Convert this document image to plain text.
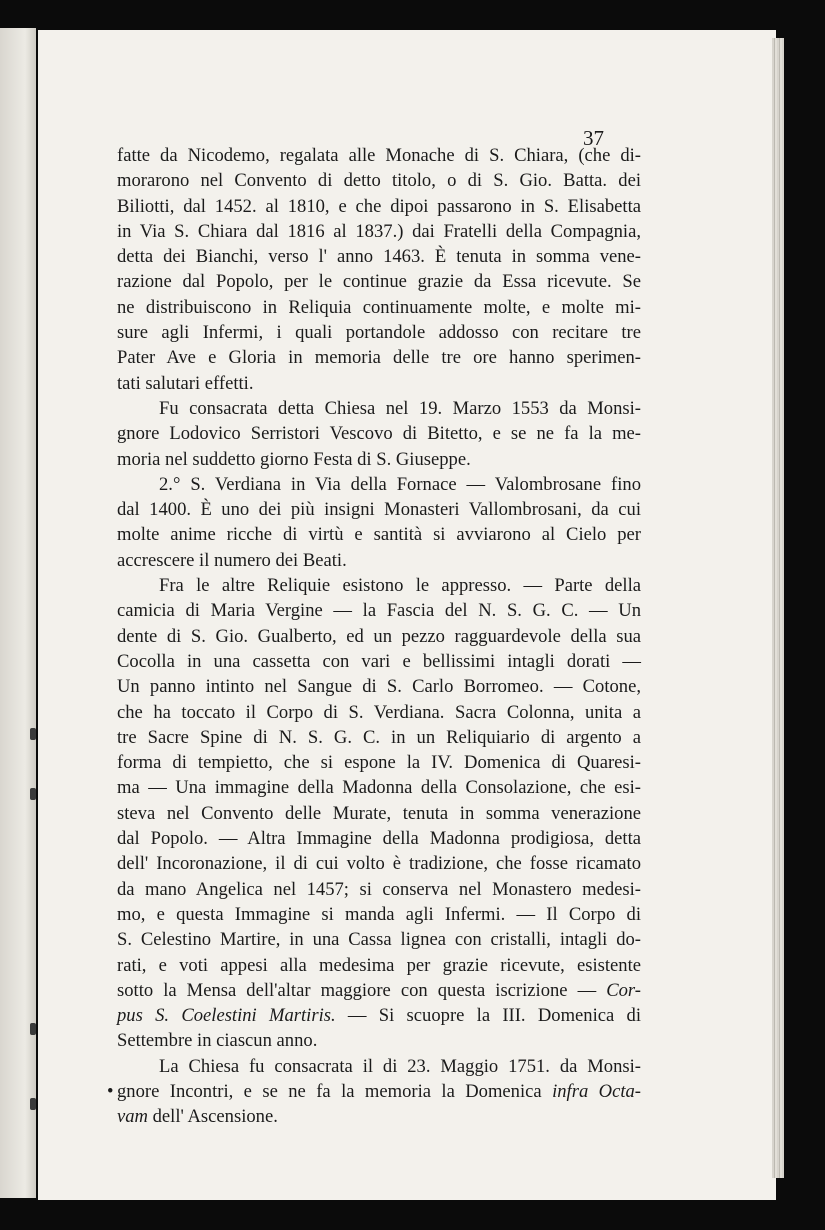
37
fatte da Nicodemo, regalata alle Monache di S. Chiara, (che di-
morarono nel Convento di detto titolo, o di S. Gio. Batta. dei
Biliotti, dal 1452. al 1810, e che dipoi passarono in S. Elisabetta
in Via S. Chiara dal 1816 al 1837.) dai Fratelli della Compagnia,
detta dei Bianchi, verso l' anno 1463. È tenuta in somma vene-
razione dal Popolo, per le continue grazie da Essa ricevute. Se
ne distribuiscono in Reliquia continuamente molte, e molte mi-
sure agli Infermi, i quali portandole addosso con recitare tre
Pater Ave e Gloria in memoria delle tre ore hanno sperimen-
tati salutari effetti.
Fu consacrata detta Chiesa nel 19. Marzo 1553 da Monsi-
gnore Lodovico Serristori Vescovo di Bitetto, e se ne fa la me-
moria nel suddetto giorno Festa di S. Giuseppe.
2.° S. Verdiana in Via della Fornace — Valombrosane fino
dal 1400. È uno dei più insigni Monasteri Vallombrosani, da cui
molte anime ricche di virtù e santità si avviarono al Cielo per
accrescere il numero dei Beati.
Fra le altre Reliquie esistono le appresso. — Parte della
camicia di Maria Vergine — la Fascia del N. S. G. C. — Un
dente di S. Gio. Gualberto, ed un pezzo ragguardevole della sua
Cocolla in una cassetta con vari e bellissimi intagli dorati —
Un panno intinto nel Sangue di S. Carlo Borromeo. — Cotone,
che ha toccato il Corpo di S. Verdiana. Sacra Colonna, unita a
tre Sacre Spine di N. S. G. C. in un Reliquiario di argento a
forma di tempietto, che si espone la IV. Domenica di Quaresi-
ma — Una immagine della Madonna della Consolazione, che esi-
steva nel Convento delle Murate, tenuta in somma venerazione
dal Popolo. — Altra Immagine della Madonna prodigiosa, detta
dell' Incoronazione, il di cui volto è tradizione, che fosse ricamato
da mano Angelica nel 1457; si conserva nel Monastero medesi-
mo, e questa Immagine si manda agli Infermi. — Il Corpo di
S. Celestino Martire, in una Cassa lignea con cristalli, intagli do-
rati, e voti appesi alla medesima per grazie ricevute, esistente
sotto la Mensa dell'altar maggiore con questa iscrizione — Cor-
pus S. Coelestini Martiris. — Si scuopre la III. Domenica di
Settembre in ciascun anno.
La Chiesa fu consacrata il di 23. Maggio 1751. da Monsi-
• gnore Incontri, e se ne fa la memoria la Domenica infra Octa-
vam dell' Ascensione.
